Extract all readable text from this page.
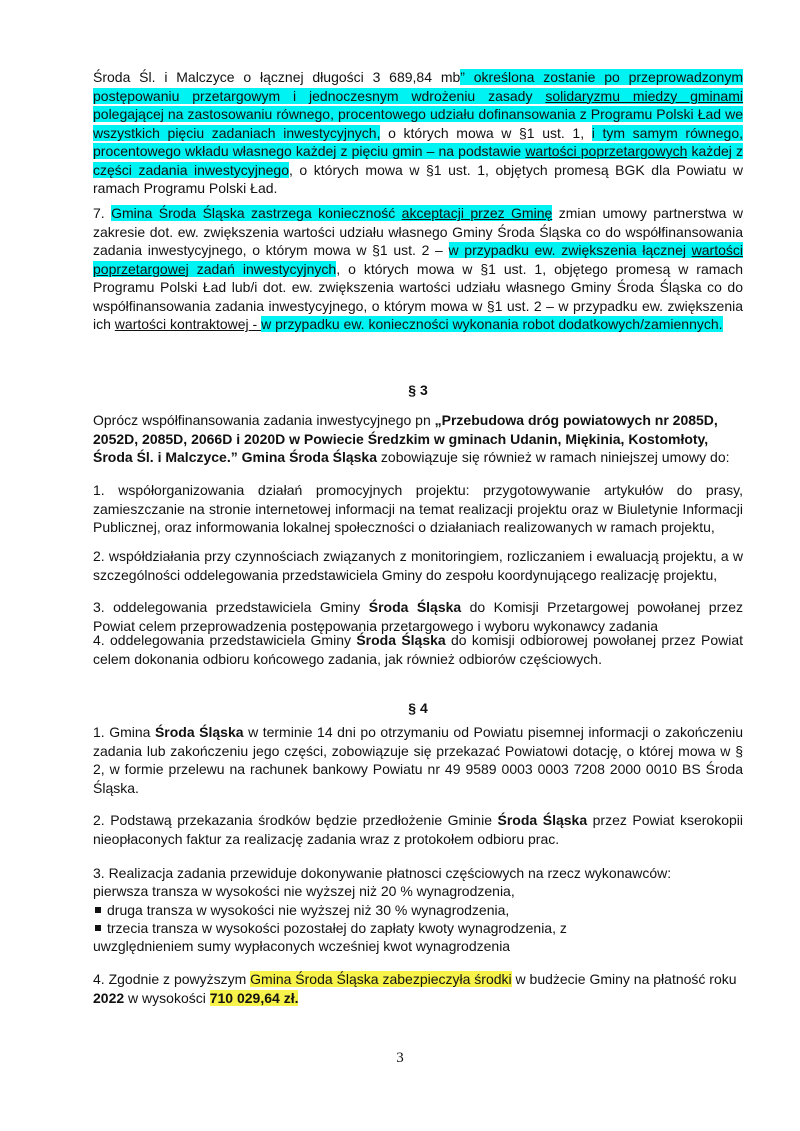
Środa Śl. i Malczyce o łącznej długości 3 689,84 mb” określona zostanie po przeprowadzonym postępowaniu przetargowym i jednoczesnym wdrożeniu zasady solidaryzmu miedzy gminami polegającej na zastosowaniu równego, procentowego udziału dofinansowania z Programu Polski Ład we wszystkich pięciu zadaniach inwestycyjnych, o których mowa w §1 ust. 1, i tym samym równego, procentowego wkładu własnego każdej z pięciu gmin – na podstawie wartości poprzetargowych każdej z części zadania inwestycyjnego, o których mowa w §1 ust. 1, objętych promesą BGK dla Powiatu w ramach Programu Polski Ład.

7. Gmina Środa Śląska zastrzega konieczność akceptacji przez Gminę zmian umowy partnerstwa w zakresie dot. ew. zwiększenia wartości udziału własnego Gminy Środa Śląska co do współfinansowania zadania inwestycyjnego, o którym mowa w §1 ust. 2 – w przypadku ew. zwiększenia łącznej wartości poprzetargowej zadań inwestycyjnych, o których mowa w §1 ust. 1, objętego promesą w ramach Programu Polski Ład lub/i dot. ew. zwiększenia wartości udziału własnego Gminy Środa Śląska co do współfinansowania zadania inwestycyjnego, o którym mowa w §1 ust. 2 – w przypadku ew. zwiększenia ich wartości kontraktowej - w przypadku ew. konieczności wykonania robot dodatkowych/zamiennych.

§ 3

Oprócz współfinansowania zadania inwestycyjnego pn „Przebudowa dróg powiatowych nr 2085D, 2052D, 2085D, 2066D i 2020D w Powiecie Średzkim w gminach Udanin, Miękinia, Kostomłoty, Środa Śl. i Malczyce.” Gmina Środa Śląska zobowiązuje się również w ramach niniejszej umowy do:

1. współorganizowania działań promocyjnych projektu: przygotowywanie artykułów do prasy, zamieszczanie na stronie internetowej informacji na temat realizacji projektu oraz w Biuletynie Informacji Publicznej, oraz informowania lokalnej społeczności o działaniach realizowanych w ramach projektu,

2. współdziałania przy czynnościach związanych z monitoringiem, rozliczaniem i ewaluacją projektu, a w szczególności oddelegowania przedstawiciela Gminy do zespołu koordynującego realizację projektu,

3. oddelegowania przedstawiciela Gminy Środa Śląska do Komisji Przetargowej powołanej przez Powiat celem przeprowadzenia postępowania przetargowego i wyboru wykonawcy zadania

4. oddelegowania przedstawiciela Gminy Środa Śląska do komisji odbiorowej powołanej przez Powiat celem dokonania odbioru końcowego zadania, jak również odbiorów częściowych.

§ 4

1. Gmina Środa Śląska w terminie 14 dni po otrzymaniu od Powiatu pisemnej informacji o zakończeniu zadania lub zakończeniu jego części, zobowiązuje się przekazać Powiatowi dotację, o której mowa w § 2, w formie przelewu na rachunek bankowy Powiatu nr 49 9589 0003 0003 7208 2000 0010 BS Środa Śląska.

2. Podstawą przekazania środków będzie przedłożenie Gminie Środa Śląska przez Powiat kserokopii nieopłaconych faktur za realizację zadania wraz z protokołem odbioru prac.

3. Realizacja zadania przewiduje dokonywanie płatnosci częściowych na rzecz wykonawców:

pierwsza transza w wysokości nie wyższej niż 20 % wynagrodzenia,

druga transza w wysokości nie wyższej niż 30 % wynagrodzenia,

trzecia transza w wysokości pozostałej do zapłaty kwoty wynagrodzenia, z

uwzględnieniem sumy wypłaconych wcześniej kwot wynagrodzenia

4. Zgodnie z powyższym Gmina Środa Śląska zabezpieczyła środki w budżecie Gminy na płatność roku 2022 w wysokości 710 029,64 zł.

3
